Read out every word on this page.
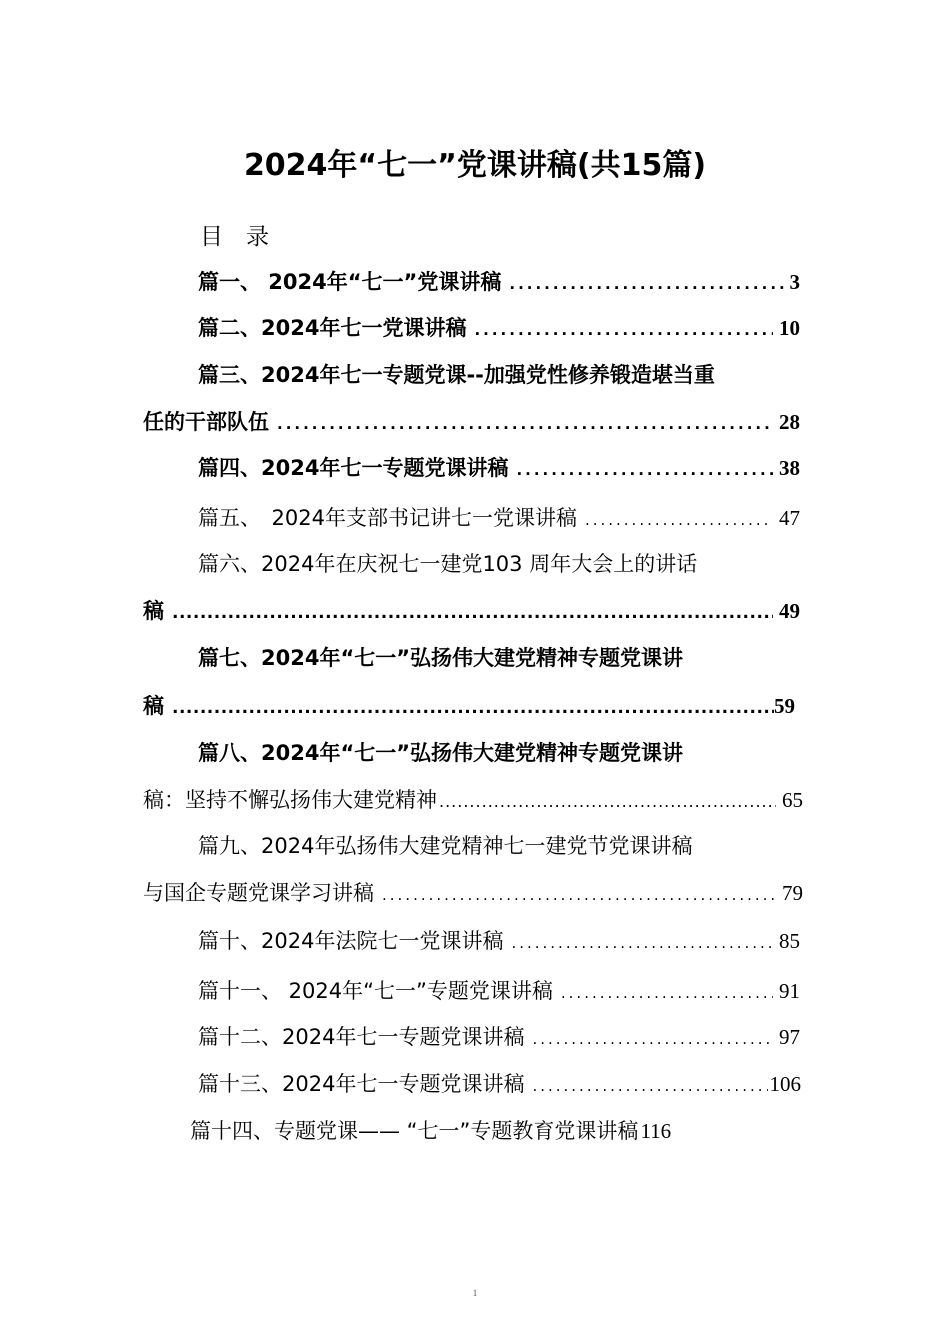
2024年“七一”党课讲稿(共15篇)
目　录
篇一、 2024年“七一”党课讲稿 .....	3
篇二、2024年七一党课讲稿 .....	10
篇三、2024年七一专题党课--加强党性修养锻造堪当重
任的干部队伍 .....	28
篇四、2024年七一专题党课讲稿 .....	38
篇五、　2024年支部书记讲七一党课讲稿 .....	47
篇六、2024年在庆祝七一建党103 周年大会上的讲话
稿 .....	49
篇七、2024年“七一”弘扬伟大建党精神专题党课讲
稿 .....	59
篇八、2024年“七一”弘扬伟大建党精神专题党课讲
稿：坚持不懈弘扬伟大建党精神 .....	65
篇九、2024年弘扬伟大建党精神七一建党节党课讲稿
与国企专题党课学习讲稿 .....	79
篇十、2024年法院七一党课讲稿 .....	85
篇十一、 2024年“七一”专题党课讲稿 .....	91
篇十二、2024年七一专题党课讲稿 .....	97
篇十三、2024年七一专题党课讲稿 .....	106
篇十四、专题党课—— “七一”专题教育党课讲稿 116
1
